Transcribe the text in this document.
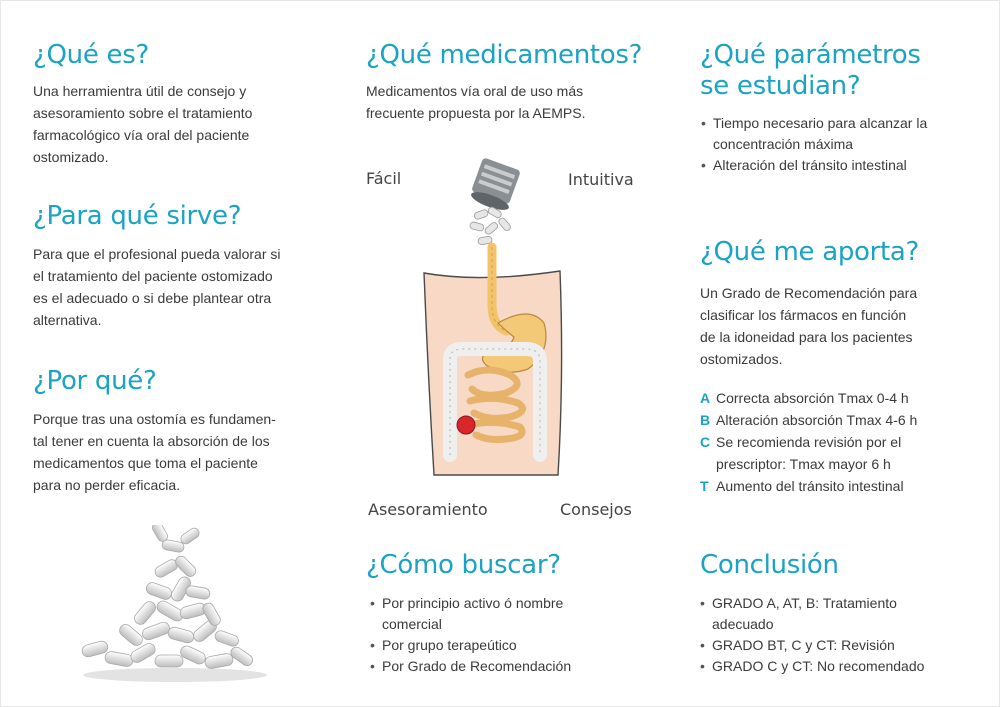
¿Qué es?

Una herramientra útil de consejo y
asesoramiento sobre el tratamiento
farmacológico vía oral del paciente
ostomizado.

¿Para qué sirve?

Para que el profesional pueda valorar si
el tratamiento del paciente ostomizado
es el adecuado o si debe plantear otra
alternativa.

¿Por qué?

Porque tras una ostomía es fundamen-
tal tener en cuenta la absorción de los
medicamentos que toma el paciente
para no perder eficacia.

¿Qué medicamentos?

Medicamentos vía oral de uso más
frecuente propuesta por la AEMPS.

Fácil	Intuitiva
Asesoramiento	Consejos
¿Cómo buscar?
• Por principio activo ó nombre
comercial
• Por grupo terapeútico
• Por Grado de Recomendación
¿Qué parámetros
se estudian?
• Tiempo necesario para alcanzar la
concentración máxima
• Alteración del tránsito intestinal
¿Qué me aporta?

Un Grado de Recomendación para
clasificar los fármacos en función
de la idoneidad para los pacientes
ostomizados.

A Correcta absorción Tmax 0-4 h
B Alteración absorción Tmax 4-6 h
C Se recomienda revisión por el
prescriptor: Tmax mayor 6 h
T Aumento del tránsito intestinal
Conclusión
• GRADO A, AT, B: Tratamiento
adecuado
• GRADO BT, C y CT: Revisión
• GRADO C y CT: No recomendado
